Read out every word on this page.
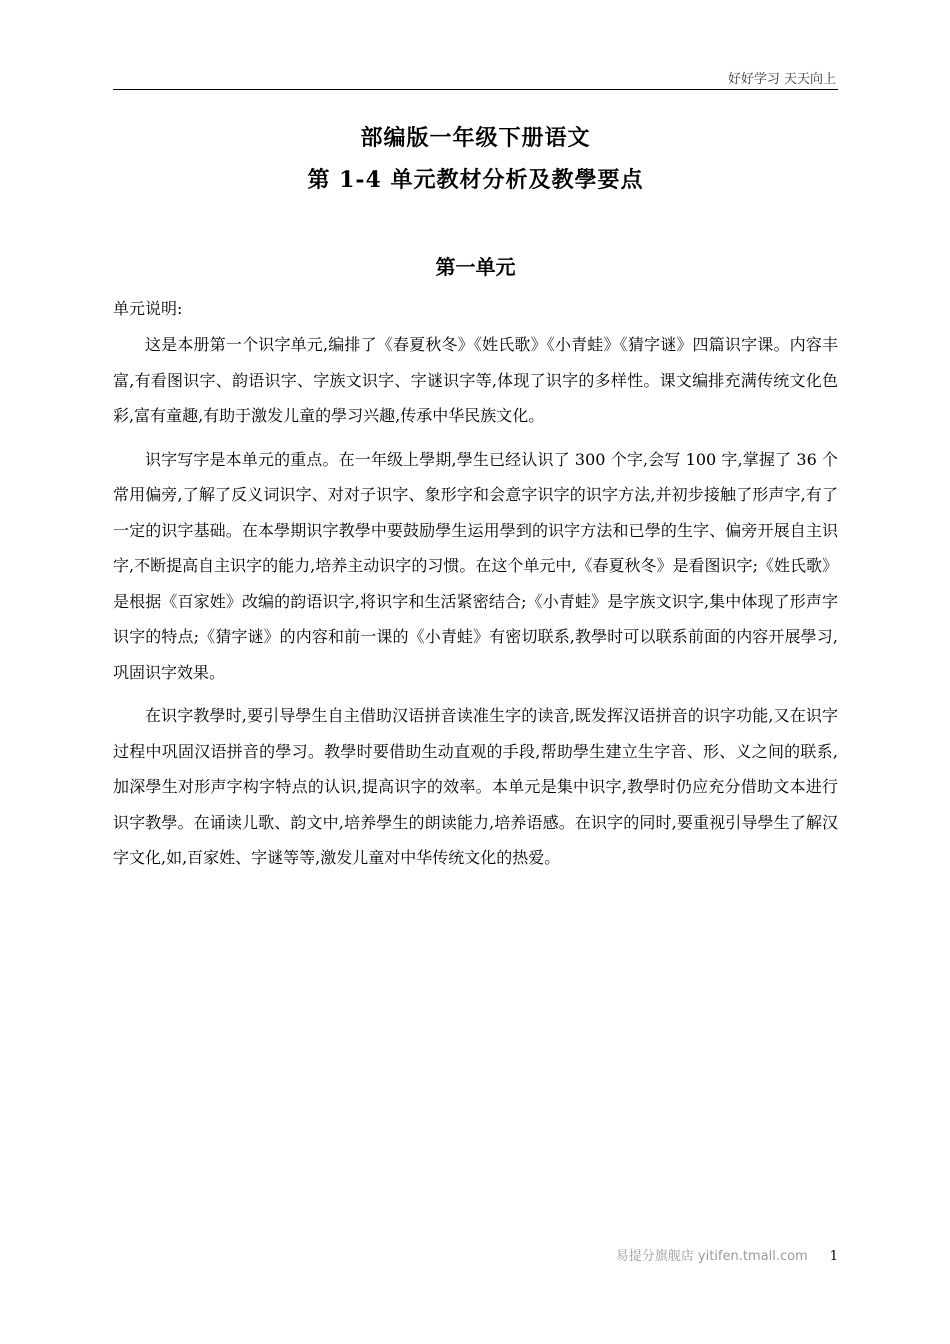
好好学习 天天向上
部编版一年级下册语文
第 1-4 单元教材分析及教學要点
第一单元
单元说明:

这是本册第一个识字单元,编排了《春夏秋冬》《姓氏歌》《小青蛙》《猜字谜》四篇识字课。内容丰富,有看图识字、韵语识字、字族文识字、字谜识字等,体现了识字的多样性。课文编排充满传统文化色彩,富有童趣,有助于激发儿童的學习兴趣,传承中华民族文化。

识字写字是本单元的重点。在一年级上學期,學生已经认识了 300 个字,会写 100 字,掌握了 36 个常用偏旁,了解了反义词识字、对对子识字、象形字和会意字识字的识字方法,并初步接触了形声字,有了一定的识字基础。在本學期识字教學中要鼓励學生运用學到的识字方法和已學的生字、偏旁开展自主识字,不断提高自主识字的能力,培养主动识字的习惯。在这个单元中,《春夏秋冬》是看图识字;《姓氏歌》是根据《百家姓》改编的韵语识字,将识字和生活紧密结合;《小青蛙》是字族文识字,集中体现了形声字识字的特点;《猜字谜》的内容和前一课的《小青蛙》有密切联系,教學时可以联系前面的内容开展學习,巩固识字效果。

在识字教學时,要引导學生自主借助汉语拼音读准生字的读音,既发挥汉语拼音的识字功能,又在识字过程中巩固汉语拼音的學习。教學时要借助生动直观的手段,帮助學生建立生字音、形、义之间的联系,加深學生对形声字构字特点的认识,提高识字的效率。本单元是集中识字,教學时仍应充分借助文本进行识字教學。在诵读儿歌、韵文中,培养學生的朗读能力,培养语感。在识字的同时,要重视引导學生了解汉字文化,如,百家姓、字谜等等,激发儿童对中华传统文化的热爱。

易提分旗舰店 yitifen.tmall.com 1
